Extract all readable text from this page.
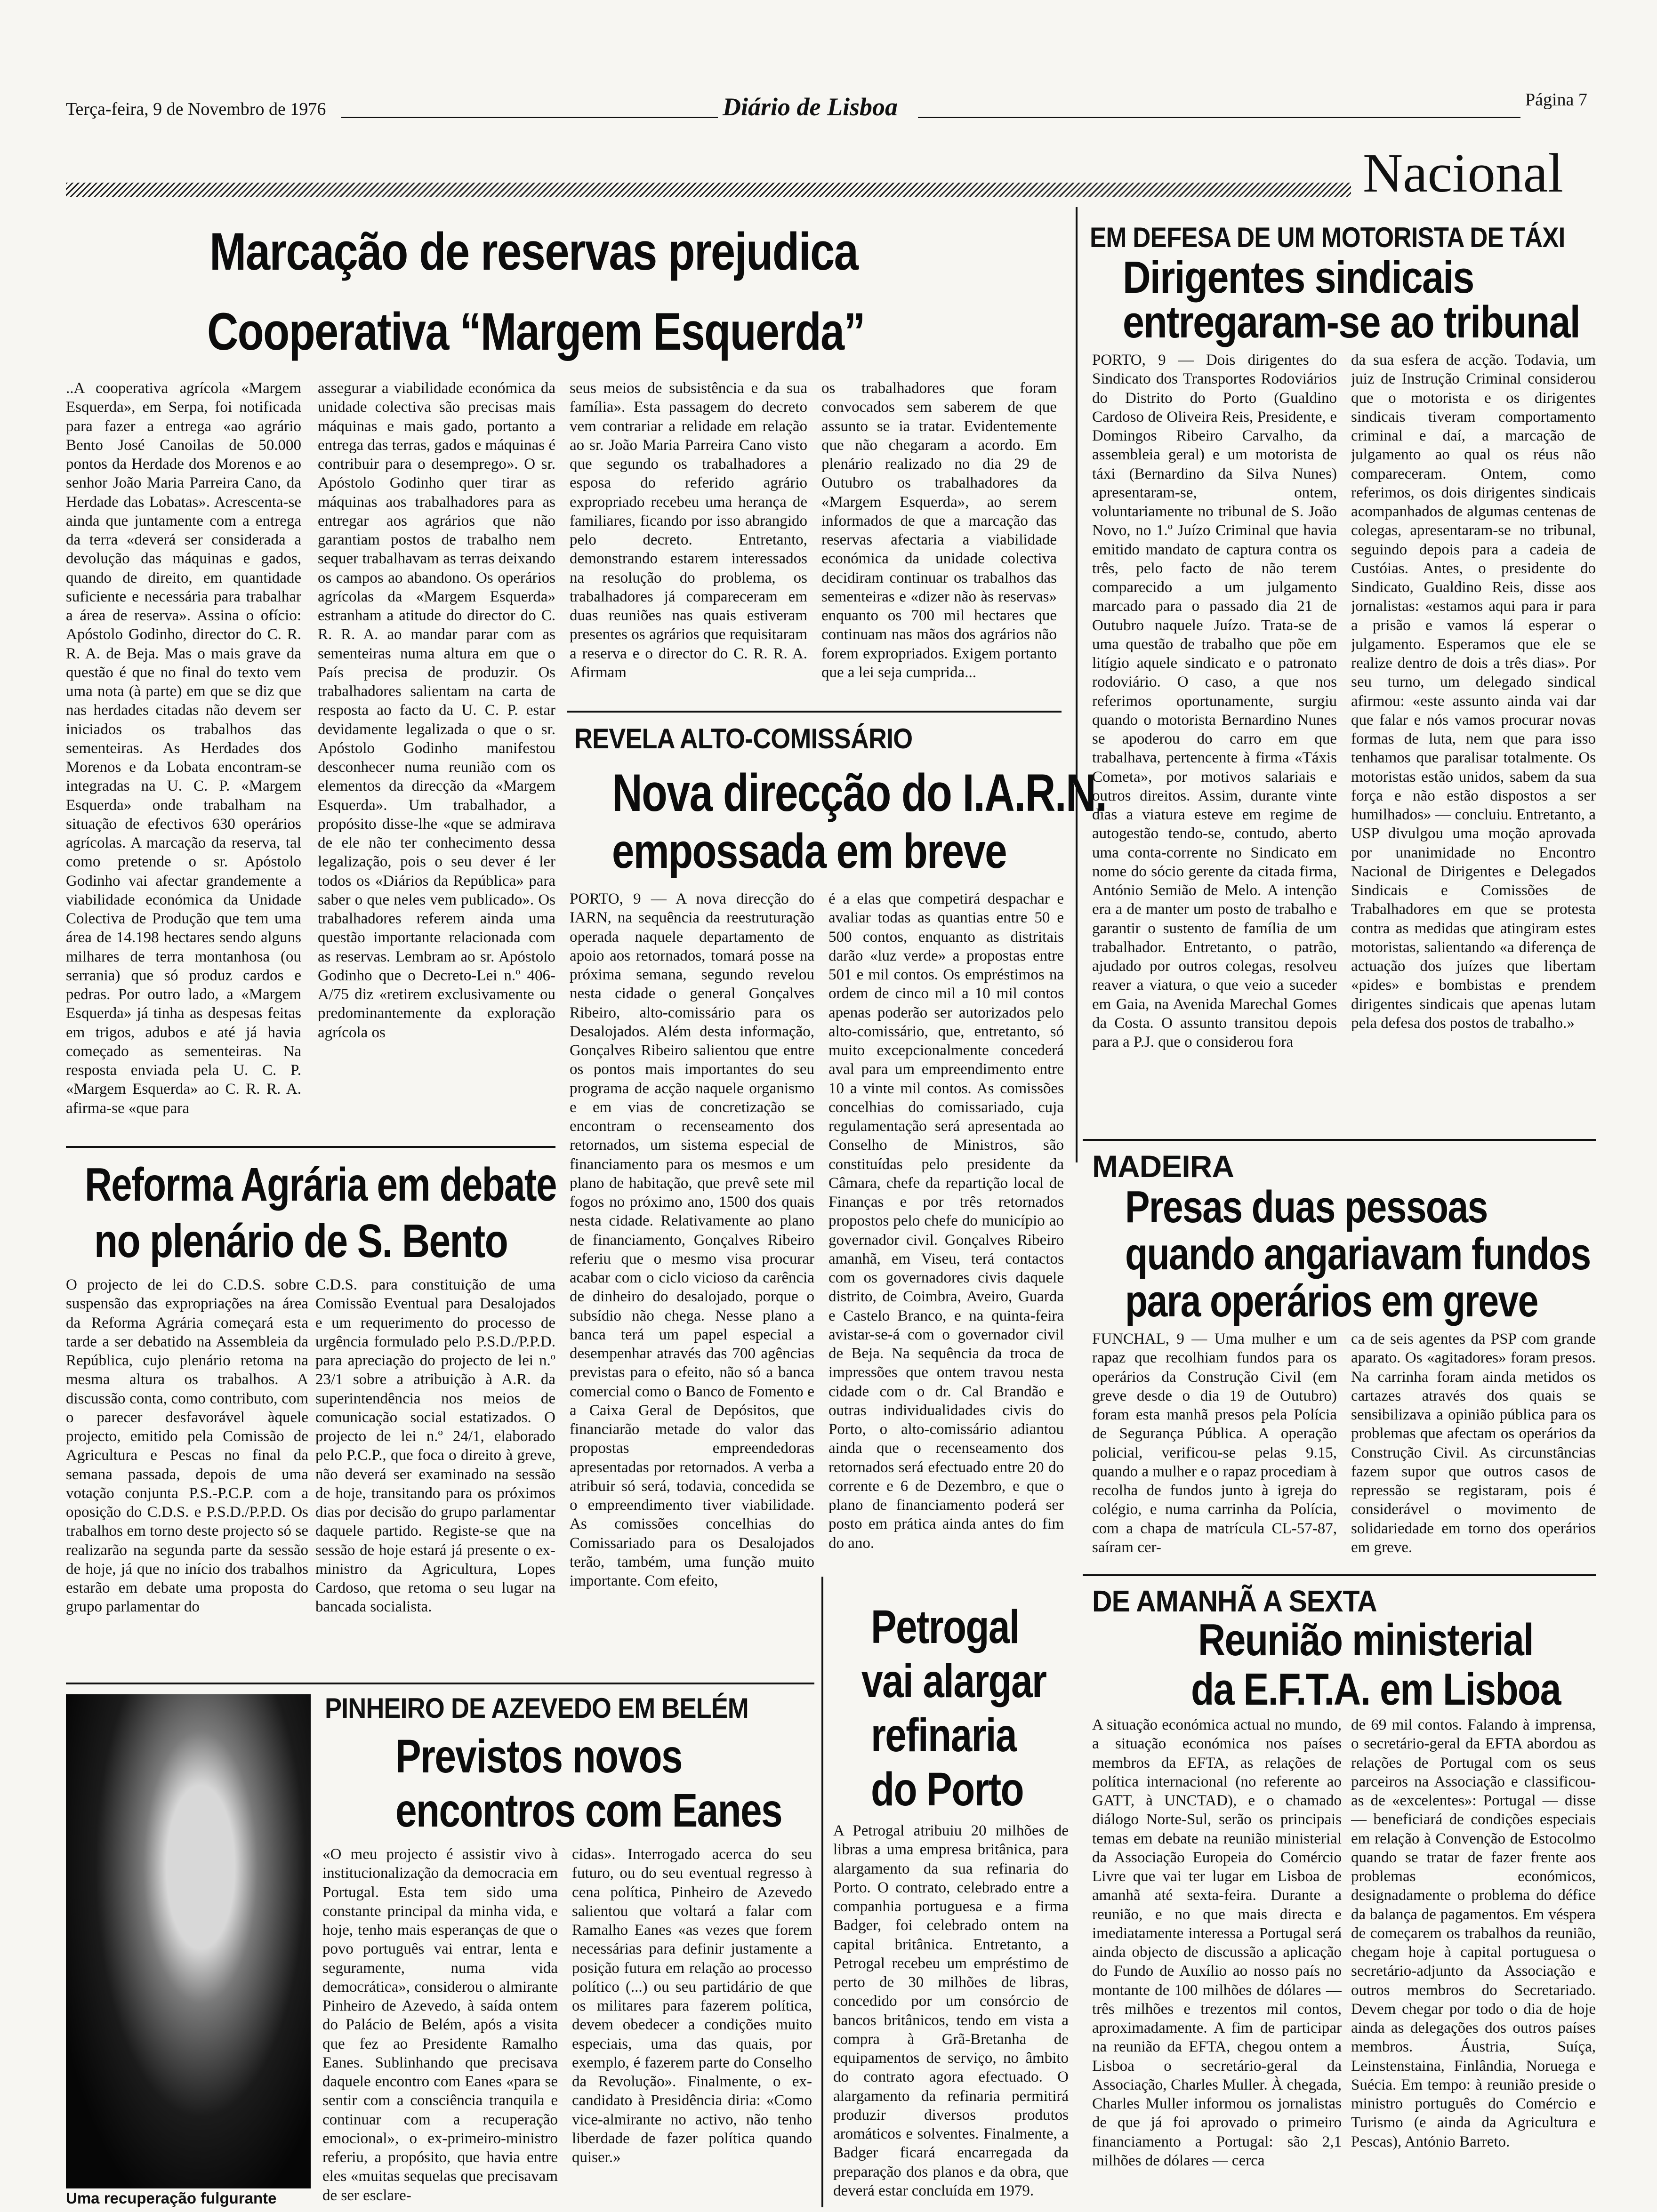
Terça-feira, 9 de Novembro de 1976	Diário de Lisboa	Página 7
Nacional
Marcação de reservas prejudica
Cooperativa “Margem Esquerda”
..A cooperativa agrícola «Margem Esquerda», em Serpa, foi notificada para fazer a entrega «ao agrário Bento José Canoilas de 50.000 pontos da Herdade dos Morenos e ao senhor João Maria Parreira Cano, da Herdade das Lobatas». Acrescenta-se ainda que juntamente com a entrega da terra «deverá ser considerada a devolução das máquinas e gados, quando de direito, em quantidade suficiente e necessária para trabalhar a área de reserva». Assina o ofício: Apóstolo Godinho, director do C. R. R. A. de Beja. Mas o mais grave da questão é que no final do texto vem uma nota (à parte) em que se diz que nas herdades citadas não devem ser iniciados os trabalhos das sementeiras. As Herdades dos Morenos e da Lobata encontram-se integradas na U. C. P. «Margem Esquerda» onde trabalham na situação de efectivos 630 operários agrícolas. A marcação da reserva, tal como pretende o sr. Apóstolo Godinho vai afectar grandemente a viabilidade económica da Unidade Colectiva de Produção que tem uma área de 14.198 hectares sendo alguns milhares de terra montanhosa (ou serrania) que só produz cardos e pedras. Por outro lado, a «Margem Esquerda» já tinha as despesas feitas em trigos, adubos e até já havia começado as sementeiras. Na resposta enviada pela U. C. P. «Margem Esquerda» ao C. R. R. A. afirma-se «que para
assegurar a viabilidade económica da unidade colectiva são precisas mais máquinas e mais gado, portanto a entrega das terras, gados e máquinas é contribuir para o desemprego». O sr. Apóstolo Godinho quer tirar as máquinas aos trabalhadores para as entregar aos agrários que não garantiam postos de trabalho nem sequer trabalhavam as terras deixando os campos ao abandono. Os operários agrícolas da «Margem Esquerda» estranham a atitude do director do C. R. R. A. ao mandar parar com as sementeiras numa altura em que o País precisa de produzir. Os trabalhadores salientam na carta de resposta ao facto da U. C. P. estar devidamente legalizada o que o sr. Apóstolo Godinho manifestou desconhecer numa reunião com os elementos da direcção da «Margem Esquerda». Um trabalhador, a propósito disse-lhe «que se admirava de ele não ter conhecimento dessa legalização, pois o seu dever é ler todos os «Diários da República» para saber o que neles vem publicado». Os trabalhadores referem ainda uma questão importante relacionada com as reservas. Lembram ao sr. Apóstolo Godinho que o Decreto-Lei n.º 406-A/75 diz «retirem exclusivamente ou predominantemente da exploração agrícola os
seus meios de subsistência e da sua família». Esta passagem do decreto vem contrariar a relidade em relação ao sr. João Maria Parreira Cano visto que segundo os trabalhadores a esposa do referido agrário expropriado recebeu uma herança de familiares, ficando por isso abrangido pelo decreto. Entretanto, demonstrando estarem interessados na resolução do problema, os trabalhadores já compareceram em duas reuniões nas quais estiveram presentes os agrários que requisitaram a reserva e o director do C. R. R. A. Afirmam
os trabalhadores que foram convocados sem saberem de que assunto se ia tratar. Evidentemente que não chegaram a acordo. Em plenário realizado no dia 29 de Outubro os trabalhadores da «Margem Esquerda», ao serem informados de que a marcação das reservas afectaria a viabilidade económica da unidade colectiva decidiram continuar os trabalhos das sementeiras e «dizer não às reservas» enquanto os 700 mil hectares que continuam nas mãos dos agrários não forem expropriados. Exigem portanto que a lei seja cumprida...
EM DEFESA DE UM MOTORISTA DE TÁXI
Dirigentes sindicais
entregaram-se ao tribunal
PORTO, 9 — Dois dirigentes do Sindicato dos Transportes Rodoviários do Distrito do Porto (Gualdino Cardoso de Oliveira Reis, Presidente, e Domingos Ribeiro Carvalho, da assembleia geral) e um motorista de táxi (Bernardino da Silva Nunes) apresentaram-se, ontem, voluntariamente no tribunal de S. João Novo, no 1.º Juízo Criminal que havia emitido mandato de captura contra os três, pelo facto de não terem comparecido a um julgamento marcado para o passado dia 21 de Outubro naquele Juízo. Trata-se de uma questão de trabalho que põe em litígio aquele sindicato e o patronato rodoviário. O caso, a que nos referimos oportunamente, surgiu quando o motorista Bernardino Nunes se apoderou do carro em que trabalhava, pertencente à firma «Táxis Cometa», por motivos salariais e outros direitos. Assim, durante vinte dias a viatura esteve em regime de autogestão tendo-se, contudo, aberto uma conta-corrente no Sindicato em nome do sócio gerente da citada firma, António Semião de Melo. A intenção era a de manter um posto de trabalho e garantir o sustento de família de um trabalhador. Entretanto, o patrão, ajudado por outros colegas, resolveu reaver a viatura, o que veio a suceder em Gaia, na Avenida Marechal Gomes da Costa. O assunto transitou depois para a P.J. que o considerou fora
da sua esfera de acção. Todavia, um juiz de Instrução Criminal considerou que o motorista e os dirigentes sindicais tiveram comportamento criminal e daí, a marcação de julgamento ao qual os réus não compareceram. Ontem, como referimos, os dois dirigentes sindicais acompanhados de algumas centenas de colegas, apresentaram-se no tribunal, seguindo depois para a cadeia de Custóias. Antes, o presidente do Sindicato, Gualdino Reis, disse aos jornalistas: «estamos aqui para ir para a prisão e vamos lá esperar o julgamento. Esperamos que ele se realize dentro de dois a três dias». Por seu turno, um delegado sindical afirmou: «este assunto ainda vai dar que falar e nós vamos procurar novas formas de luta, nem que para isso tenhamos que paralisar totalmente. Os motoristas estão unidos, sabem da sua força e não estão dispostos a ser humilhados» — concluiu. Entretanto, a USP divulgou uma moção aprovada por unanimidade no Encontro Nacional de Dirigentes e Delegados Sindicais e Comissões de Trabalhadores em que se protesta contra as medidas que atingiram estes motoristas, salientando «a diferença de actuação dos juízes que libertam «pides» e bombistas e prendem dirigentes sindicais que apenas lutam pela defesa dos postos de trabalho.»
REVELA ALTO-COMISSÁRIO
Nova direcção do I.A.R.N.
empossada em breve
PORTO, 9 — A nova direcção do IARN, na sequência da reestruturação operada naquele departamento de apoio aos retornados, tomará posse na próxima semana, segundo revelou nesta cidade o general Gonçalves Ribeiro, alto-comissário para os Desalojados. Além desta informação, Gonçalves Ribeiro salientou que entre os pontos mais importantes do seu programa de acção naquele organismo e em vias de concretização se encontram o recenseamento dos retornados, um sistema especial de financiamento para os mesmos e um plano de habitação, que prevê sete mil fogos no próximo ano, 1500 dos quais nesta cidade. Relativamente ao plano de financiamento, Gonçalves Ribeiro referiu que o mesmo visa procurar acabar com o ciclo vicioso da carência de dinheiro do desalojado, porque o subsídio não chega. Nesse plano a banca terá um papel especial a desempenhar através das 700 agências previstas para o efeito, não só a banca comercial como o Banco de Fomento e a Caixa Geral de Depósitos, que financiarão metade do valor das propostas empreendedoras apresentadas por retornados. A verba a atribuir só será, todavia, concedida se o empreendimento tiver viabilidade. As comissões concelhias do Comissariado para os Desalojados terão, também, uma função muito importante. Com efeito,
é a elas que competirá despachar e avaliar todas as quantias entre 50 e 500 contos, enquanto as distritais darão «luz verde» a propostas entre 501 e mil contos. Os empréstimos na ordem de cinco mil a 10 mil contos apenas poderão ser autorizados pelo alto-comissário, que, entretanto, só muito excepcionalmente concederá aval para um empreendimento entre 10 a vinte mil contos. As comissões concelhias do comissariado, cuja regulamentação será apresentada ao Conselho de Ministros, são constituídas pelo presidente da Câmara, chefe da repartição local de Finanças e por três retornados propostos pelo chefe do município ao governador civil. Gonçalves Ribeiro amanhã, em Viseu, terá contactos com os governadores civis daquele distrito, de Coimbra, Aveiro, Guarda e Castelo Branco, e na quinta-feira avistar-se-á com o governador civil de Beja. Na sequência da troca de impressões que ontem travou nesta cidade com o dr. Cal Brandão e outras individualidades civis do Porto, o alto-comissário adiantou ainda que o recenseamento dos retornados será efectuado entre 20 do corrente e 6 de Dezembro, e que o plano de financiamento poderá ser posto em prática ainda antes do fim do ano.
Reforma Agrária em debate
no plenário de S. Bento
O projecto de lei do C.D.S. sobre suspensão das expropriações na área da Reforma Agrária começará esta tarde a ser debatido na Assembleia da República, cujo plenário retoma na mesma altura os trabalhos. A discussão conta, como contributo, com o parecer desfavorável àquele projecto, emitido pela Comissão de Agricultura e Pescas no final da semana passada, depois de uma votação conjunta P.S.-P.C.P. com a oposição do C.D.S. e P.S.D./P.P.D. Os trabalhos em torno deste projecto só se realizarão na segunda parte da sessão de hoje, já que no início dos trabalhos estarão em debate uma proposta do grupo parlamentar do
C.D.S. para constituição de uma Comissão Eventual para Desalojados e um requerimento do processo de urgência formulado pelo P.S.D./P.P.D. para apreciação do projecto de lei n.º 23/1 sobre a atribuição à A.R. da superintendência nos meios de comunicação social estatizados. O projecto de lei n.º 24/1, elaborado pelo P.C.P., que foca o direito à greve, não deverá ser examinado na sessão de hoje, transitando para os próximos dias por decisão do grupo parlamentar daquele partido. Registe-se que na sessão de hoje estará já presente o ex-ministro da Agricultura, Lopes Cardoso, que retoma o seu lugar na bancada socialista.
MADEIRA
Presas duas pessoas
quando angariavam fundos
para operários em greve
FUNCHAL, 9 — Uma mulher e um rapaz que recolhiam fundos para os operários da Construção Civil (em greve desde o dia 19 de Outubro) foram esta manhã presos pela Polícia de Segurança Pública. A operação policial, verificou-se pelas 9.15, quando a mulher e o rapaz procediam à recolha de fundos junto à igreja do colégio, e numa carrinha da Polícia, com a chapa de matrícula CL-57-87, saíram cer-
ca de seis agentes da PSP com grande aparato. Os «agitadores» foram presos. Na carrinha foram ainda metidos os cartazes através dos quais se sensibilizava a opinião pública para os problemas que afectam os operários da Construção Civil. As circunstâncias fazem supor que outros casos de repressão se registaram, pois é considerável o movimento de solidariedade em torno dos operários em greve.
DE AMANHÃ A SEXTA
Reunião ministerial
da E.F.T.A. em Lisboa
A situação económica actual no mundo, a situação económica nos países membros da EFTA, as relações de política internacional (no referente ao GATT, à UNCTAD), e o chamado diálogo Norte-Sul, serão os principais temas em debate na reunião ministerial da Associação Europeia do Comércio Livre que vai ter lugar em Lisboa de amanhã até sexta-feira. Durante a reunião, e no que mais directa e imediatamente interessa a Portugal será ainda objecto de discussão a aplicação do Fundo de Auxílio ao nosso país no montante de 100 milhões de dólares — três milhões e trezentos mil contos, aproximadamente. A fim de participar na reunião da EFTA, chegou ontem a Lisboa o secretário-geral da Associação, Charles Muller. À chegada, Charles Muller informou os jornalistas de que já foi aprovado o primeiro financiamento a Portugal: são 2,1 milhões de dólares — cerca
de 69 mil contos. Falando à imprensa, o secretário-geral da EFTA abordou as relações de Portugal com os seus parceiros na Associação e classificou-as de «excelentes»: Portugal — disse — beneficiará de condições especiais em relação à Convenção de Estocolmo quando se tratar de fazer frente aos problemas económicos, designadamente o problema do défice da balança de pagamentos. Em véspera de começarem os trabalhos da reunião, chegam hoje à capital portuguesa o secretário-adjunto da Associação e outros membros do Secretariado. Devem chegar por todo o dia de hoje ainda as delegações dos outros países membros. Áustria, Suíça, Leinstenstaina, Finlândia, Noruega e Suécia. Em tempo: à reunião preside o ministro português do Comércio e Turismo (e ainda da Agricultura e Pescas), António Barreto.
Petrogal
vai alargar
refinaria
do Porto
A Petrogal atribuiu 20 milhões de libras a uma empresa britânica, para alargamento da sua refinaria do Porto. O contrato, celebrado entre a companhia portuguesa e a firma Badger, foi celebrado ontem na capital britânica. Entretanto, a Petrogal recebeu um empréstimo de perto de 30 milhões de libras, concedido por um consórcio de bancos britânicos, tendo em vista a compra à Grã-Bretanha de equipamentos de serviço, no âmbito do contrato agora efectuado. O alargamento da refinaria permitirá produzir diversos produtos aromáticos e solventes. Finalmente, a Badger ficará encarregada da preparação dos planos e da obra, que deverá estar concluída em 1979.
PINHEIRO DE AZEVEDO EM BELÉM
Previstos novos
encontros com Eanes
Uma recuperação fulgurante
«O meu projecto é assistir vivo à institucionalização da democracia em Portugal. Esta tem sido uma constante principal da minha vida, e hoje, tenho mais esperanças de que o povo português vai entrar, lenta e seguramente, numa vida democrática», considerou o almirante Pinheiro de Azevedo, à saída ontem do Palácio de Belém, após a visita que fez ao Presidente Ramalho Eanes. Sublinhando que precisava daquele encontro com Eanes «para se sentir com a consciência tranquila e continuar com a recuperação emocional», o ex-primeiro-ministro referiu, a propósito, que havia entre eles «muitas sequelas que precisavam de ser esclare-
cidas». Interrogado acerca do seu futuro, ou do seu eventual regresso à cena política, Pinheiro de Azevedo salientou que voltará a falar com Ramalho Eanes «as vezes que forem necessárias para definir justamente a posição futura em relação ao processo político (...) ou seu partidário de que os militares para fazerem política, devem obedecer a condições muito especiais, uma das quais, por exemplo, é fazerem parte do Conselho da Revolução». Finalmente, o ex-candidato à Presidência diria: «Como vice-almirante no activo, não tenho liberdade de fazer política quando quiser.»
